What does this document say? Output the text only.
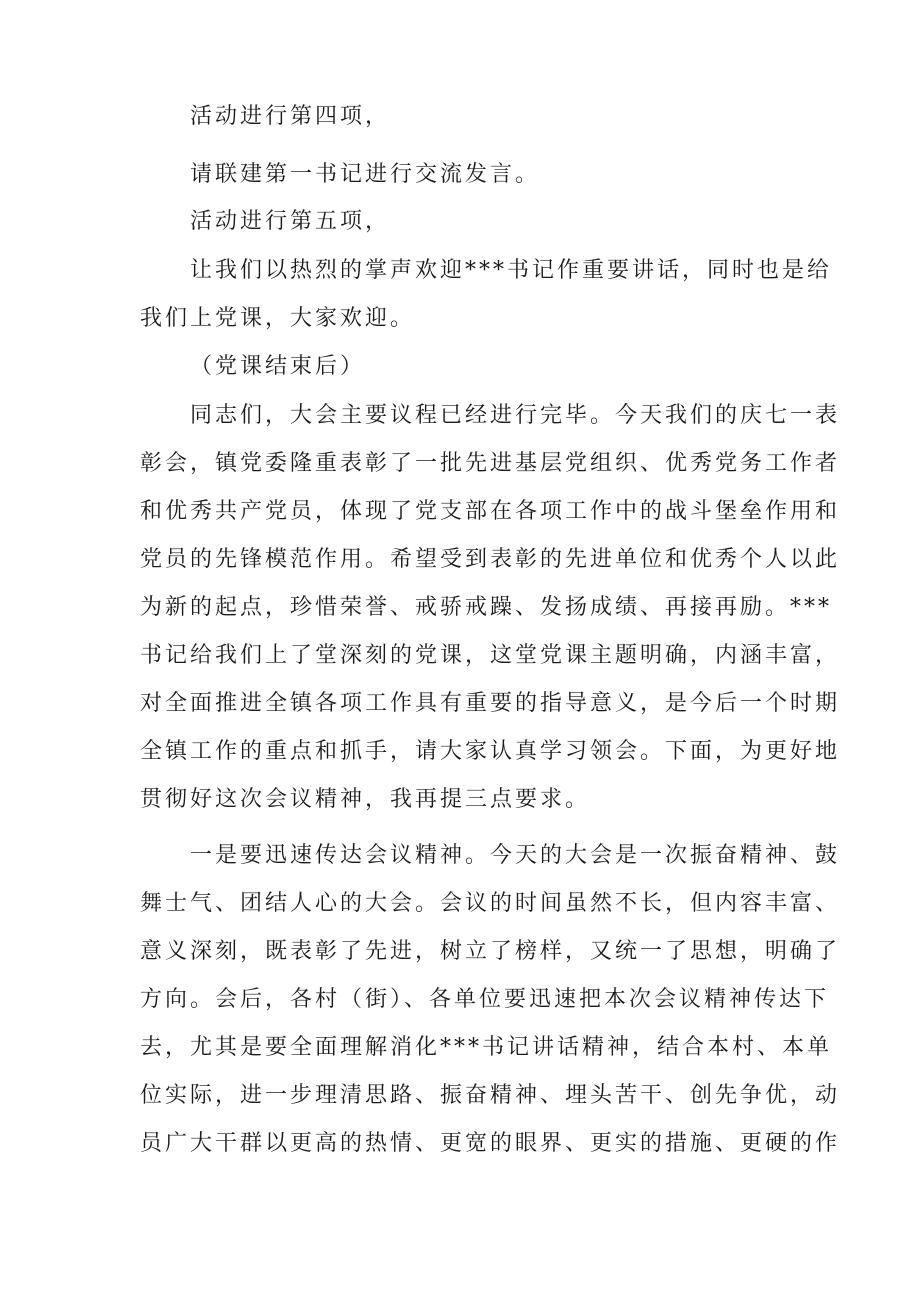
活动进行第四项，
请联建第一书记进行交流发言。
活动进行第五项，
让我们以热烈的掌声欢迎***书记作重要讲话，同时也是给
我们上党课，大家欢迎。
（党课结束后）
同志们，大会主要议程已经进行完毕。今天我们的庆七一表
彰会，镇党委隆重表彰了一批先进基层党组织、优秀党务工作者
和优秀共产党员，体现了党支部在各项工作中的战斗堡垒作用和
党员的先锋模范作用。希望受到表彰的先进单位和优秀个人以此
为新的起点，珍惜荣誉、戒骄戒躁、发扬成绩、再接再励。***
书记给我们上了堂深刻的党课，这堂党课主题明确，内涵丰富，
对全面推进全镇各项工作具有重要的指导意义，是今后一个时期
全镇工作的重点和抓手，请大家认真学习领会。下面，为更好地
贯彻好这次会议精神，我再提三点要求。
一是要迅速传达会议精神。今天的大会是一次振奋精神、鼓
舞士气、团结人心的大会。会议的时间虽然不长，但内容丰富、
意义深刻，既表彰了先进，树立了榜样，又统一了思想，明确了
方向。会后，各村（街）、各单位要迅速把本次会议精神传达下
去，尤其是要全面理解消化***书记讲话精神，结合本村、本单
位实际，进一步理清思路、振奋精神、埋头苦干、创先争优，动
员广大干群以更高的热情、更宽的眼界、更实的措施、更硬的作
